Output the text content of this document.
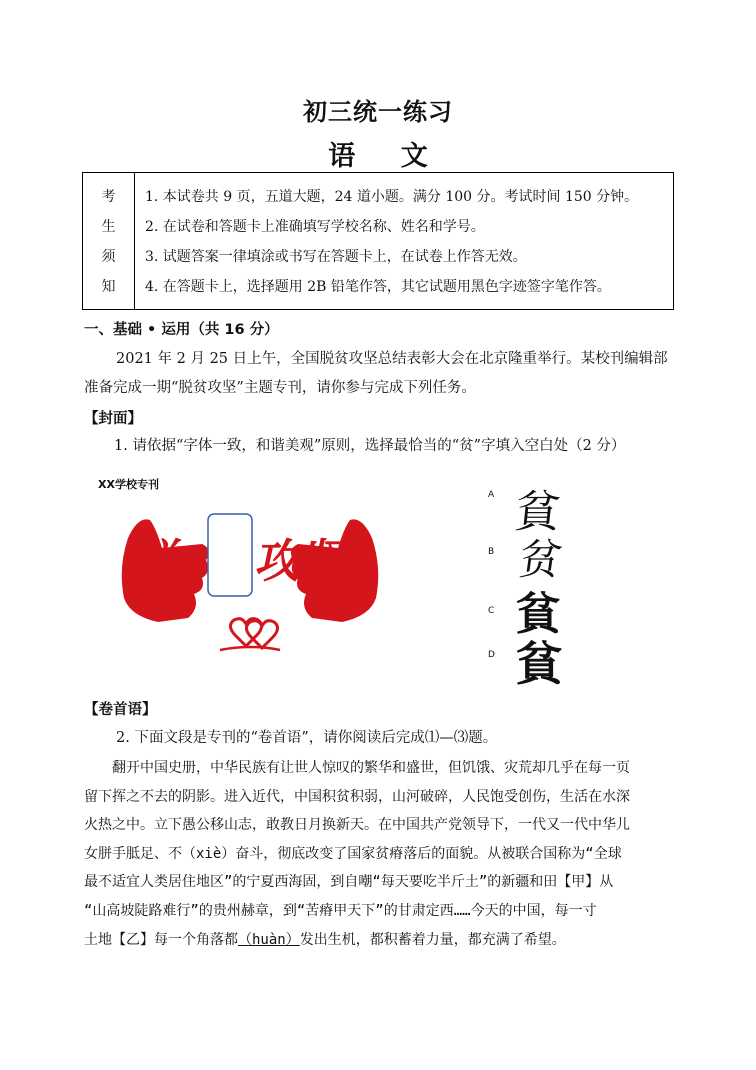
初三统一练习
语 文
考
生
须
知
1. 本试卷共 9 页，五道大题，24 道小题。满分 100 分。考试时间 150 分钟。
2. 在试卷和答题卡上准确填写学校名称、姓名和学号。
3. 试题答案一律填涂或书写在答题卡上，在试卷上作答无效。
4. 在答题卡上，选择题用 2B 铅笔作答，其它试题用黑色字迹签字笔作答。
一、基础 • 运用（共 16 分）
2021 年 2 月 25 日上午，全国脱贫攻坚总结表彰大会在北京隆重举行。某校刊编辑部
准备完成一期“脱贫攻坚”主题专刊，请你参与完成下列任务。
【封面】
1. 请依据“字体一致，和谐美观”原则，选择最恰当的“贫”字填入空白处（2 分）
XX学校专刊
脱 攻坚
A
B
C
D
貧
贫
貧
貧
【卷首语】
2. 下面文段是专刊的“卷首语”，请你阅读后完成⑴—⑶题。
　　翻开中国史册，中华民族有让世人惊叹的繁华和盛世，但饥饿、灾荒却几乎在每一页
留下挥之不去的阴影。进入近代，中国积贫积弱，山河破碎，人民饱受创伤，生活在水深
火热之中。立下愚公移山志，敢教日月换新天。在中国共产党领导下，一代又一代中华儿
女胼手胝足、不（xiè）奋斗，彻底改变了国家贫瘠落后的面貌。从被联合国称为“全球
最不适宜人类居住地区”的宁夏西海固，到自嘲“每天要吃半斤土”的新疆和田【甲】从
“山高坡陡路难行”的贵州赫章，到“苦瘠甲天下”的甘肃定西……今天的中国，每一寸
土地【乙】每一个角落都（huàn）发出生机，都积蓄着力量，都充满了希望。
